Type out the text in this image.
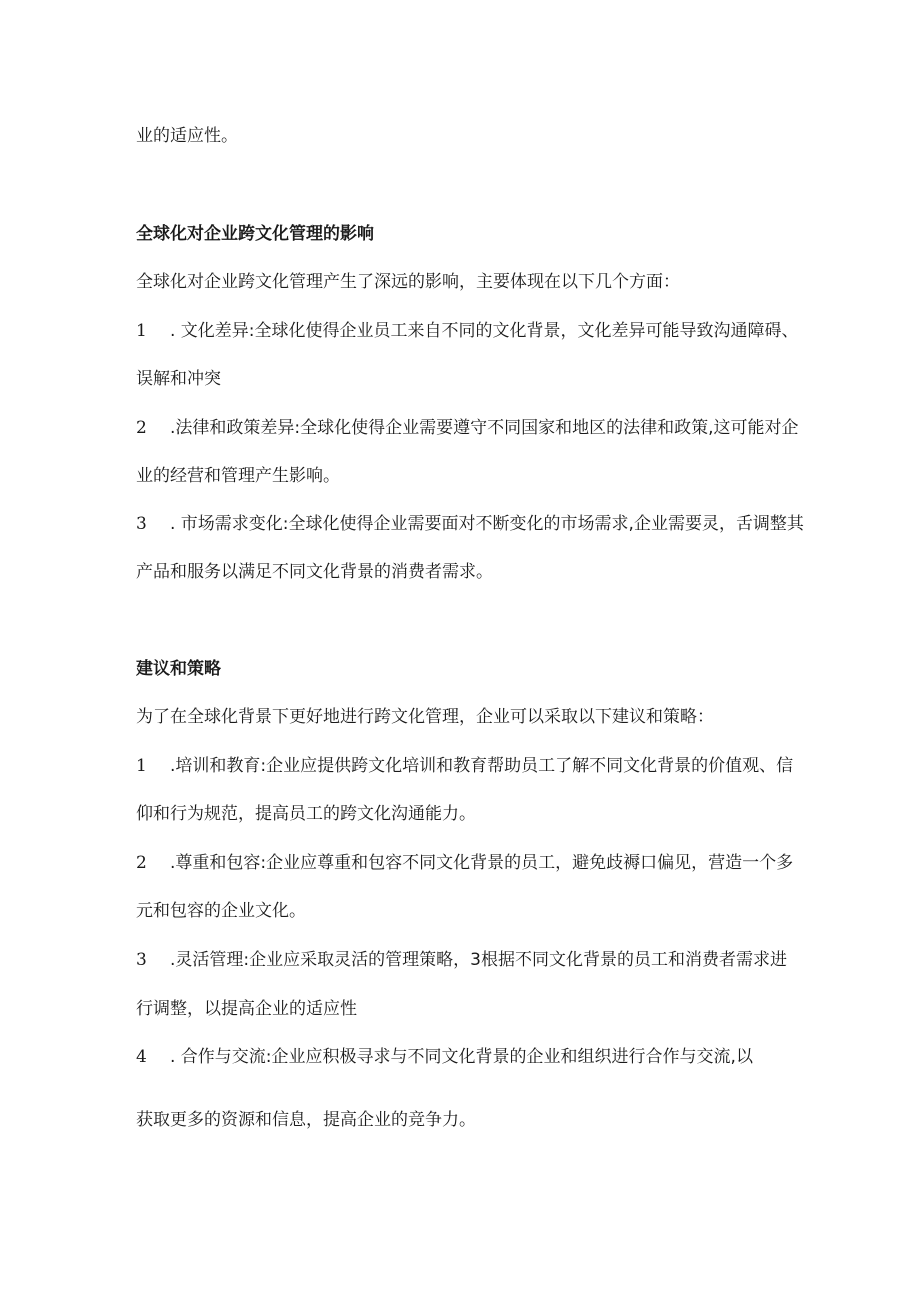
业的适应性。

全球化对企业跨文化管理的影响

全球化对企业跨文化管理产生了深远的影响，主要体现在以下几个方面：

1 . 文化差异:全球化使得企业员工来自不同的文化背景，文化差异可能导致沟通障碍、

误解和冲突

2 .法律和政策差异:全球化使得企业需要遵守不同国家和地区的法律和政策,这可能对企

业的经营和管理产生影响。

3 . 市场需求变化:全球化使得企业需要面对不断变化的市场需求,企业需要灵，舌调整其

产品和服务以满足不同文化背景的消费者需求。

建议和策略

为了在全球化背景下更好地进行跨文化管理，企业可以采取以下建议和策略：

1 .培训和教育:企业应提供跨文化培训和教育帮助员工了解不同文化背景的价值观、信

仰和行为规范，提高员工的跨文化沟通能力。

2 .尊重和包容:企业应尊重和包容不同文化背景的员工，避免歧褥口偏见，营造一个多

元和包容的企业文化。

3 .灵活管理:企业应采取灵活的管理策略，3根据不同文化背景的员工和消费者需求进

行调整，以提高企业的适应性

4 . 合作与交流:企业应积极寻求与不同文化背景的企业和组织进行合作与交流,以

获取更多的资源和信息，提高企业的竞争力。
